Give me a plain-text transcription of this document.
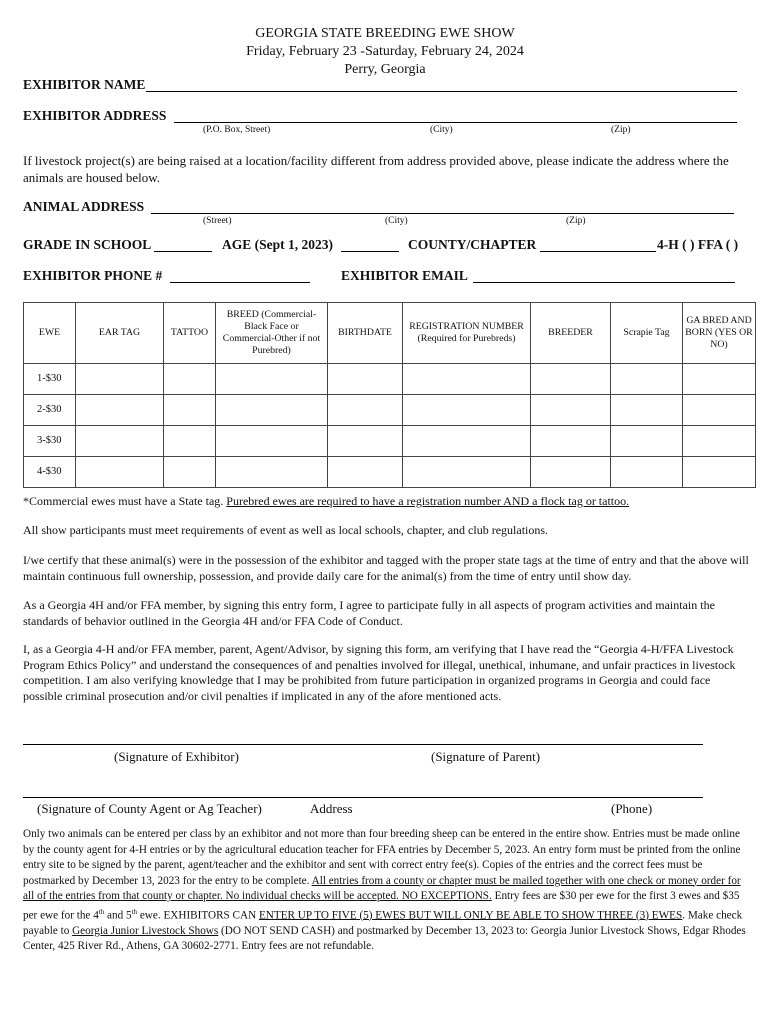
GEORGIA STATE BREEDING EWE SHOW
Friday, February 23 -Saturday, February 24, 2024
Perry, Georgia
EXHIBITOR NAME
EXHIBITOR ADDRESS
(P.O. Box, Street)	(City)	(Zip)
If livestock project(s) are being raised at a location/facility different from address provided above, please indicate the address where the animals are housed below.
ANIMAL ADDRESS
(Street)	(City)	(Zip)
GRADE IN SCHOOL	AGE (Sept 1, 2023)	COUNTY/CHAPTER	4-H ( ) FFA ( )
EXHIBITOR PHONE #	EXHIBITOR EMAIL
EWE	EAR TAG	TATTOO	BREED (Commercial-Black Face or Commercial-Other if not Purebred)	BIRTHDATE	REGISTRATION NUMBER (Required for Purebreds)	BREEDER	Scrapie Tag	GA BRED AND BORN (YES OR NO)
1-$30								
2-$30								
3-$30								
4-$30								
*Commercial ewes must have a State tag. Purebred ewes are required to have a registration number AND a flock tag or tattoo.
All show participants must meet requirements of event as well as local schools, chapter, and club regulations.
I/we certify that these animal(s) were in the possession of the exhibitor and tagged with the proper state tags at the time of entry and that the above will maintain continuous full ownership, possession, and provide daily care for the animal(s) from the time of entry until show day.
As a Georgia 4H and/or FFA member, by signing this entry form, I agree to participate fully in all aspects of program activities and maintain the standards of behavior outlined in the Georgia 4H and/or FFA Code of Conduct.
I, as a Georgia 4-H and/or FFA member, parent, Agent/Advisor, by signing this form, am verifying that I have read the “Georgia 4-H/FFA Livestock Program Ethics Policy” and understand the consequences of and penalties involved for illegal, unethical, inhumane, and unfair practices in livestock competition. I am also verifying knowledge that I may be prohibited from future participation in organized programs in Georgia and could face possible criminal prosecution and/or civil penalties if implicated in any of the afore mentioned acts.
(Signature of Exhibitor)	(Signature of Parent)
(Signature of County Agent or Ag Teacher)	Address	(Phone)
Only two animals can be entered per class by an exhibitor and not more than four breeding sheep can be entered in the entire show. Entries must be made online by the county agent for 4-H entries or by the agricultural education teacher for FFA entries by December 5, 2023. An entry form must be printed from the online entry site to be signed by the parent, agent/teacher and the exhibitor and sent with correct entry fee(s). Copies of the entries and the correct fees must be postmarked by December 13, 2023 for the entry to be complete. All entries from a county or chapter must be mailed together with one check or money order for all of the entries from that county or chapter. No individual checks will be accepted. NO EXCEPTIONS. Entry fees are $30 per ewe for the first 3 ewes and $35 per ewe for the 4th and 5th ewe. EXHIBITORS CAN ENTER UP TO FIVE (5) EWES BUT WILL ONLY BE ABLE TO SHOW THREE (3) EWES. Make check payable to Georgia Junior Livestock Shows (DO NOT SEND CASH) and postmarked by December 13, 2023 to: Georgia Junior Livestock Shows, Edgar Rhodes Center, 425 River Rd., Athens, GA 30602-2771. Entry fees are not refundable.
